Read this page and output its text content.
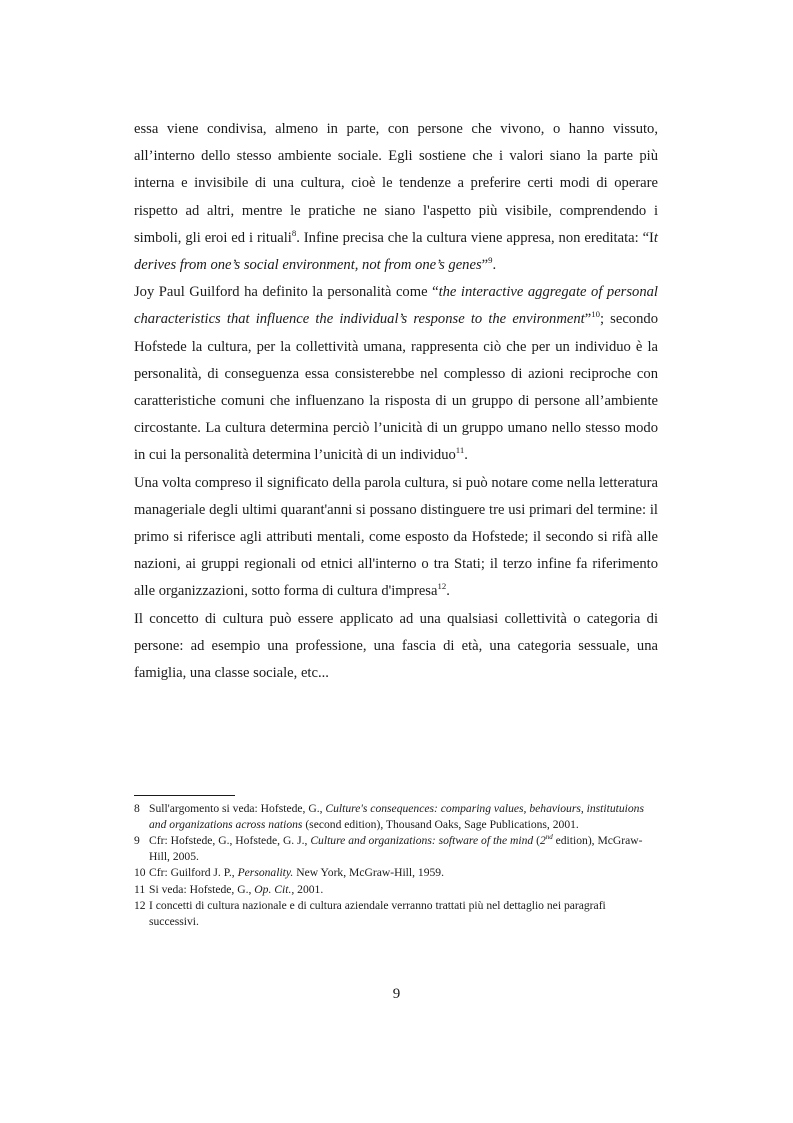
essa viene condivisa, almeno in parte, con persone che vivono, o hanno vissuto, all’interno dello stesso ambiente sociale. Egli sostiene che i valori siano la parte più interna e invisibile di una cultura, cioè le tendenze a preferire certi modi di operare rispetto ad altri, mentre le pratiche ne siano l'aspetto più visibile, comprendendo i simboli, gli eroi ed i rituali$^8$. Infine precisa che la cultura viene appresa, non ereditata: “It derives from one’s social environment, not from one’s genes”$^9$.

Joy Paul Guilford ha definito la personalità come “the interactive aggregate of personal characteristics that influence the individual’s response to the environment”$^{10}$; secondo Hofstede la cultura, per la collettività umana, rappresenta ciò che per un individuo è la personalità, di conseguenza essa consisterebbe nel complesso di azioni reciproche con caratteristiche comuni che influenzano la risposta di un gruppo di persone all’ambiente circostante. La cultura determina perciò l’unicità di un gruppo umano nello stesso modo in cui la personalità determina l’unicità di un individuo$^{11}$.

Una volta compreso il significato della parola cultura, si può notare come nella letteratura manageriale degli ultimi quarant'anni si possano distinguere tre usi primari del termine: il primo si riferisce agli attributi mentali, come esposto da Hofstede; il secondo si rifà alle nazioni, ai gruppi regionali od etnici all'interno o tra Stati; il terzo infine fa riferimento alle organizzazioni, sotto forma di cultura d'impresa$^{12}$.

Il concetto di cultura può essere applicato ad una qualsiasi collettività o categoria di persone: ad esempio una professione, una fascia di età, una categoria sessuale, una famiglia, una classe sociale, etc...

8 Sull'argomento si veda: Hofstede, G., Culture's consequences: comparing values, behaviours, institutuions and organizations across nations (second edition), Thousand Oaks, Sage Publications, 2001.
9 Cfr: Hofstede, G., Hofstede, G. J., Culture and organizations: software of the mind (2nd edition), McGraw-Hill, 2005.
10 Cfr: Guilford J. P., Personality. New York, McGraw-Hill, 1959.
11 Si veda: Hofstede, G., Op. Cit., 2001.
12 I concetti di cultura nazionale e di cultura aziendale verranno trattati più nel dettaglio nei paragrafi successivi.
9
